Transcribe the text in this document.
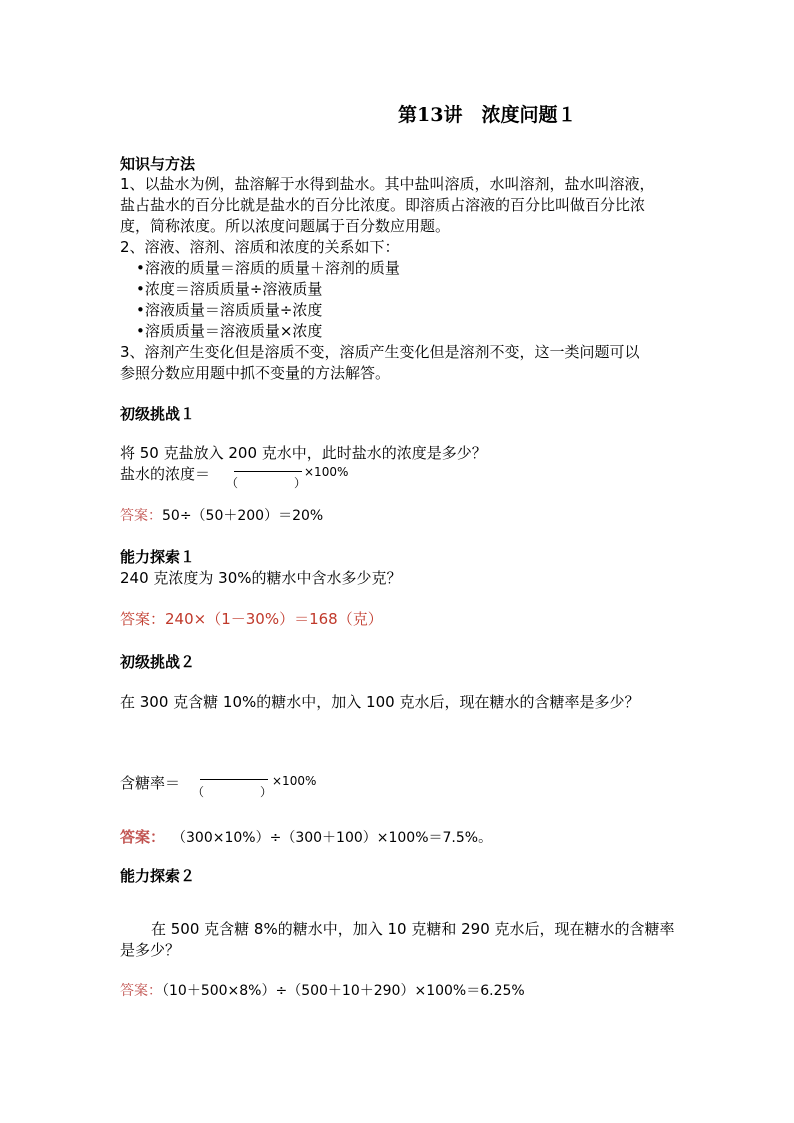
第13讲　浓度问题１
知识与方法
1、以盐水为例，盐溶解于水得到盐水。其中盐叫溶质，水叫溶剂，盐水叫溶液，
盐占盐水的百分比就是盐水的百分比浓度。即溶质占溶液的百分比叫做百分比浓
度，简称浓度。所以浓度问题属于百分数应用题。
2、溶液、溶剂、溶质和浓度的关系如下：
•溶液的质量＝溶质的质量＋溶剂的质量
•浓度＝溶质质量÷溶液质量
•溶液质量＝溶质质量÷浓度
•溶质质量＝溶液质量×浓度
3、溶剂产生变化但是溶质不变，溶质产生变化但是溶剂不变，这一类问题可以
参照分数应用题中抓不变量的方法解答。
初级挑战１
将 50 克盐放入 200 克水中，此时盐水的浓度是多少？
盐水的浓度＝ （	）
×100%
答案：50÷（50＋200）＝20%
能力探索１
240 克浓度为 30%的糖水中含水多少克？
答案：240×（1－30%）＝168（克）
初级挑战２
在 300 克含糖 10%的糖水中，加入 100 克水后，现在糖水的含糖率是多少？
含糖率＝ （	）
×100%
答案： （300×10%）÷（300＋100）×100%＝7.5%。
能力探索２
在 500 克含糖 8%的糖水中，加入 10 克糖和 290 克水后，现在糖水的含糖率
是多少？
答案：（10＋500×8%）÷（500＋10＋290）×100%＝6.25%
